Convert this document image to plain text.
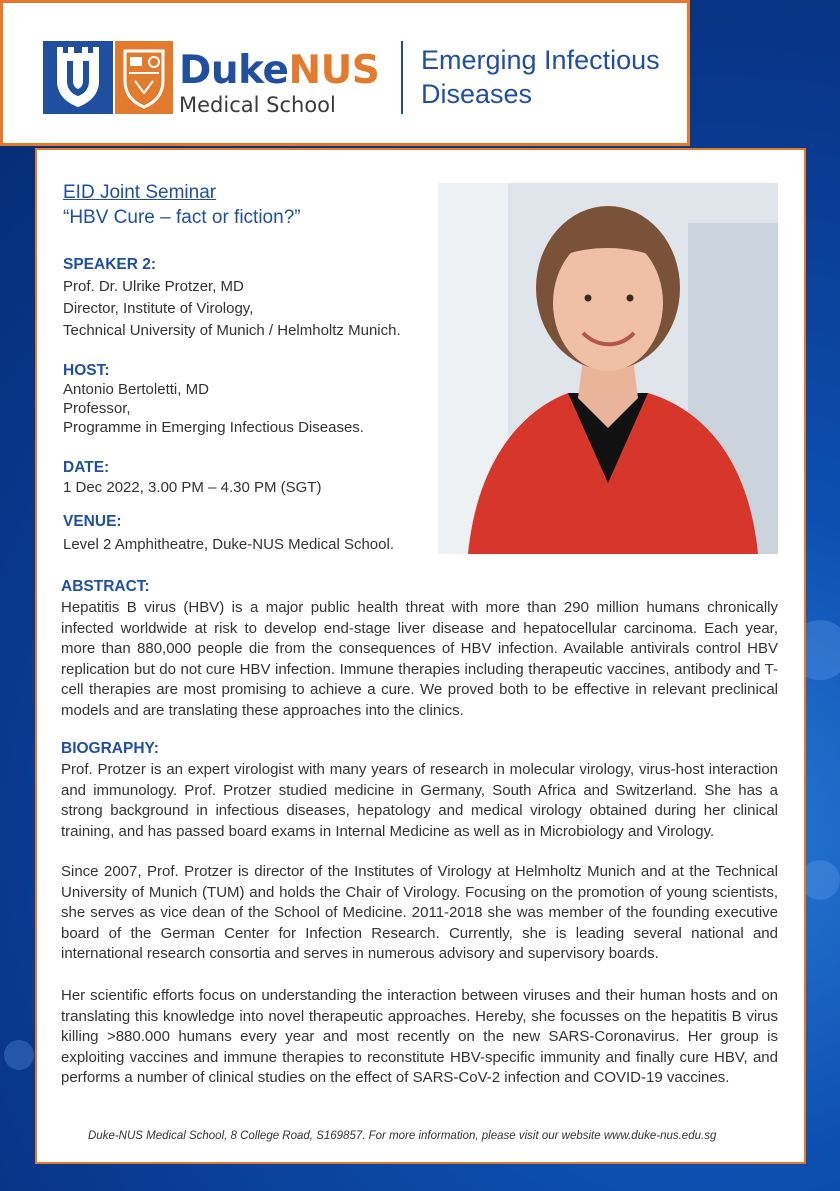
DukeNUS
Medical School
Emerging Infectious Diseases
EID Joint Seminar
“HBV Cure – fact or fiction?”
SPEAKER 2:
Prof. Dr. Ulrike Protzer, MD
Director, Institute of Virology,
Technical University of Munich / Helmholtz Munich.
HOST:
Antonio Bertoletti, MD
Professor,
Programme in Emerging Infectious Diseases.
DATE:
1 Dec 2022, 3.00 PM – 4.30 PM (SGT)
VENUE:
Level 2 Amphitheatre, Duke-NUS Medical School.
ABSTRACT:
Hepatitis B virus (HBV) is a major public health threat with more than 290 million humans chronically infected worldwide at risk to develop end-stage liver disease and hepatocellular carcinoma. Each year, more than 880,000 people die from the consequences of HBV infection. Available antivirals control HBV replication but do not cure HBV infection. Immune therapies including therapeutic vaccines, antibody and T-cell therapies are most promising to achieve a cure. We proved both to be effective in relevant preclinical models and are translating these approaches into the clinics.
BIOGRAPHY:
Prof. Protzer is an expert virologist with many years of research in molecular virology, virus-host interaction and immunology. Prof. Protzer studied medicine in Germany, South Africa and Switzerland. She has a strong background in infectious diseases, hepatology and medical virology obtained during her clinical training, and has passed board exams in Internal Medicine as well as in Microbiology and Virology.
Since 2007, Prof. Protzer is director of the Institutes of Virology at Helmholtz Munich and at the Technical University of Munich (TUM) and holds the Chair of Virology. Focusing on the promotion of young scientists, she serves as vice dean of the School of Medicine. 2011-2018 she was member of the founding executive board of the German Center for Infection Research. Currently, she is leading several national and international research consortia and serves in numerous advisory and supervisory boards.
Her scientific efforts focus on understanding the interaction between viruses and their human hosts and on translating this knowledge into novel therapeutic approaches. Hereby, she focusses on the hepatitis B virus killing >880.000 humans every year and most recently on the new SARS-Coronavirus. Her group is exploiting vaccines and immune therapies to reconstitute HBV-specific immunity and finally cure HBV, and performs a number of clinical studies on the effect of SARS-CoV-2 infection and COVID-19 vaccines.
Duke-NUS Medical School, 8 College Road, S169857. For more information, please visit our website www.duke-nus.edu.sg
